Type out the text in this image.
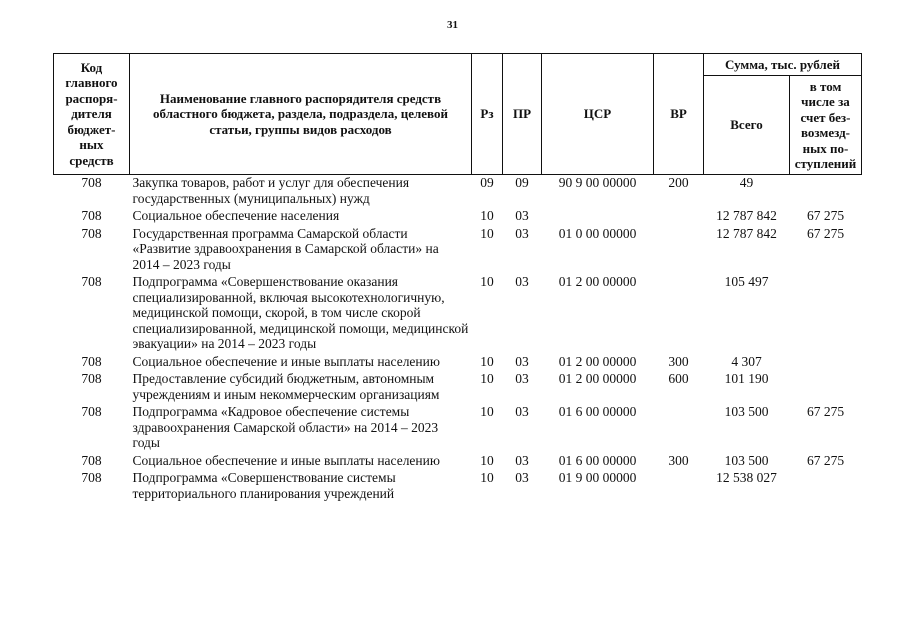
31
Код главного распоря-дителя бюджет-ных средств	Наименование главного распорядителя средств областного бюджета, раздела, подраздела, целевой статьи, группы видов расходов	Рз	ПР	ЦСР	ВР	Сумма, тыс. рублей	
						Всего	в том числе за счет без-возмезд-ных по-ступлений
708	Закупка товаров, работ и услуг для обеспечения государственных (муниципальных) нужд	09	09	90 9 00 00000	200	49	
708	Социальное обеспечение населения	10	03			12 787 842	67 275
708	Государственная программа Самарской области «Развитие здравоохранения в Самарской области» на 2014 – 2023 годы	10	03	01 0 00 00000		12 787 842	67 275
708	Подпрограмма «Совершенствование оказания специализированной, включая высокотехнологичную, медицинской помощи, скорой, в том числе скорой специализированной, медицинской помощи, медицинской эвакуации» на 2014 – 2023 годы	10	03	01 2 00 00000		105 497	
708	Социальное обеспечение и иные выплаты населению	10	03	01 2 00 00000	300	4 307	
708	Предоставление субсидий бюджетным, автономным учреждениям и иным некоммерческим организациям	10	03	01 2 00 00000	600	101 190	
708	Подпрограмма «Кадровое обеспечение системы здравоохранения Самарской области» на 2014 – 2023 годы	10	03	01 6 00 00000		103 500	67 275
708	Социальное обеспечение и иные выплаты населению	10	03	01 6 00 00000	300	103 500	67 275
708	Подпрограмма «Совершенствование системы территориального планирования учреждений	10	03	01 9 00 00000		12 538 027	
